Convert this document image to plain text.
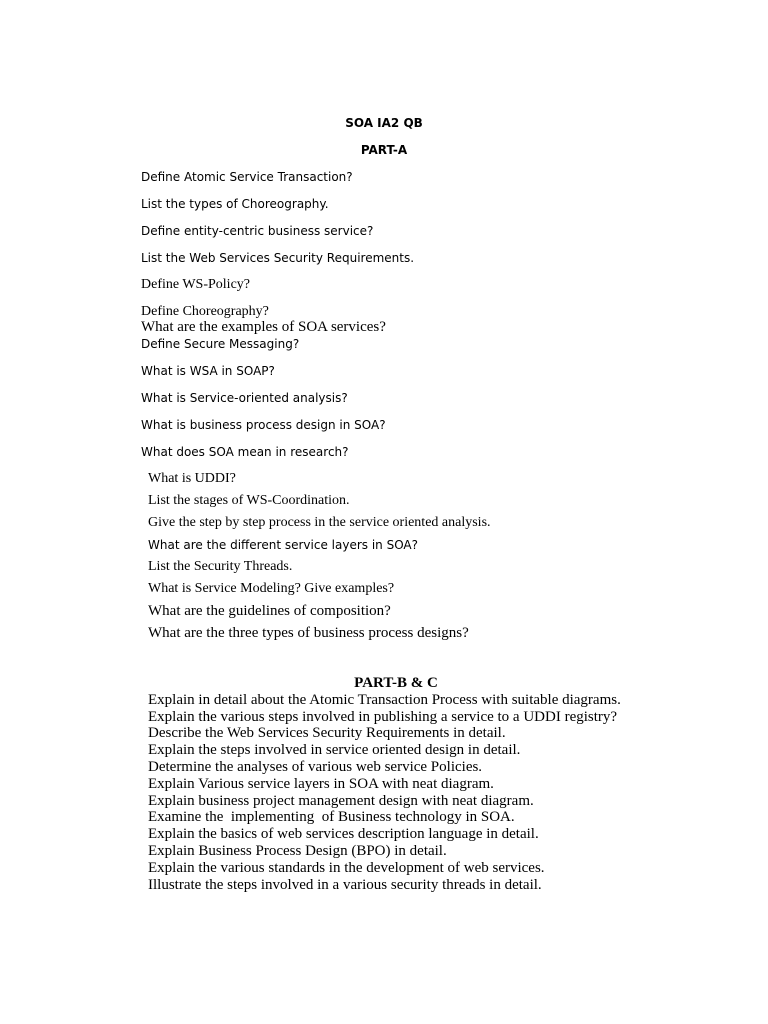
SOA IA2 QB
PART-A
Define Atomic Service Transaction?
List the types of Choreography.
Define entity-centric business service?
List the Web Services Security Requirements.
Define WS-Policy?
Define Choreography?
What are the examples of SOA services?
Define Secure Messaging?
What is WSA in SOAP?
What is Service-oriented analysis?
What is business process design in SOA?
What does SOA mean in research?
What is UDDI?
List the stages of WS-Coordination.
Give the step by step process in the service oriented analysis.
What are the different service layers in SOA?
List the Security Threads.
What is Service Modeling? Give examples?
What are the guidelines of composition?
What are the three types of business process designs?
PART-B & C
Explain in detail about the Atomic Transaction Process with suitable diagrams.
Explain the various steps involved in publishing a service to a UDDI registry?
Describe the Web Services Security Requirements in detail.
Explain the steps involved in service oriented design in detail.
Determine the analyses of various web service Policies.
Explain Various service layers in SOA with neat diagram.
Explain business project management design with neat diagram.
Examine the  implementing  of Business technology in SOA.
Explain the basics of web services description language in detail.
Explain Business Process Design (BPO) in detail.
Explain the various standards in the development of web services.
Illustrate the steps involved in a various security threads in detail.
